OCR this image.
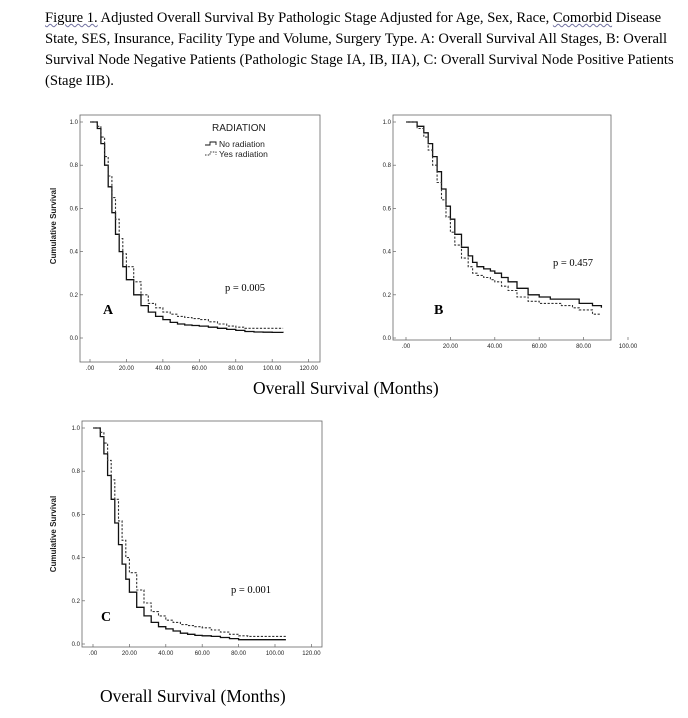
Figure 1. Adjusted Overall Survival By Pathologic Stage Adjusted for Age, Sex, Race, Comorbid Disease State, SES, Insurance, Facility Type and Volume, Surgery Type. A: Overall Survival All Stages, B: Overall Survival Node Negative Patients (Pathologic Stage IA, IB, IIA), C: Overall Survival Node Positive Patients (Stage IIB).
0.0
0.2
0.4
0.6
0.8
1.0
.00	20.00	40.00	60.00	80.00	100.00	120.00
Cumulative Survival
A
p = 0.005
RADIATION
No radiation
Yes radiation
0.0
0.2
0.4
0.6
0.8
1.0
.00	20.00	40.00	60.00	80.00	100.00
B
p = 0.457
0.0
0.2
0.4
0.6
0.8
1.0
.00	20.00	40.00	60.00	80.00	100.00	120.00
Cumulative Survival
C
p = 0.001
Overall Survival (Months)
Overall Survival (Months)
